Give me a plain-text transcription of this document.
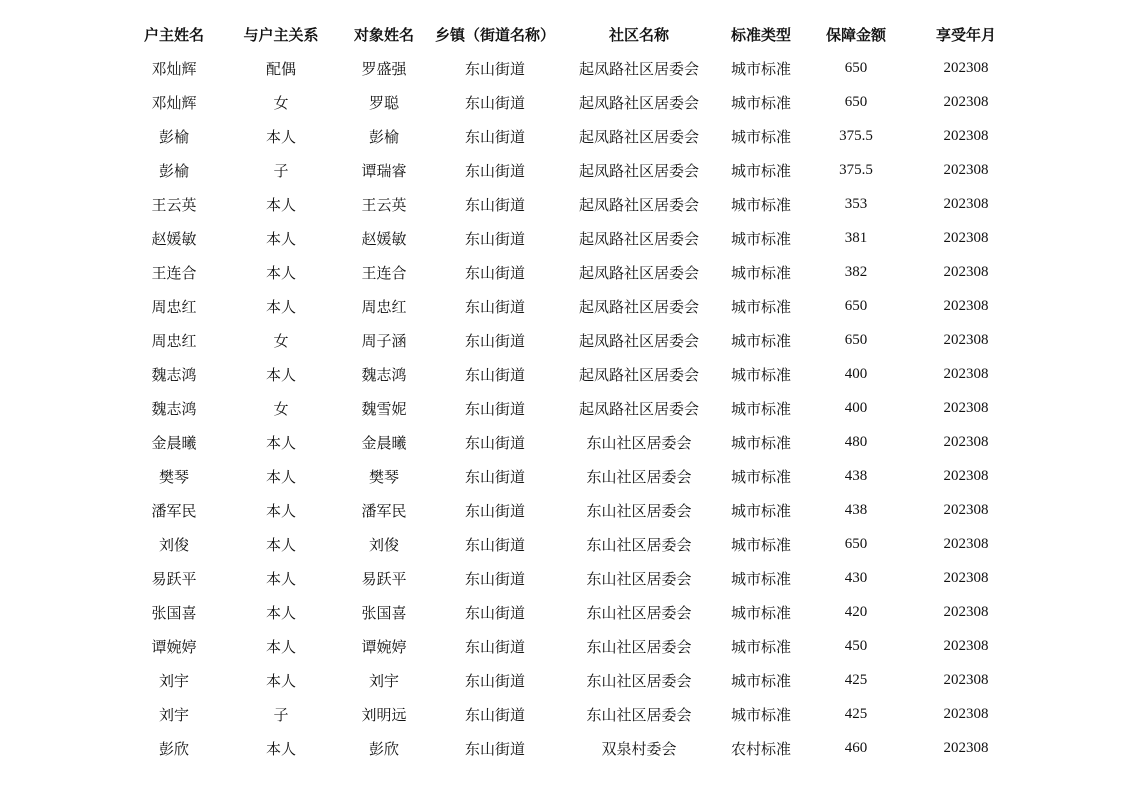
户主姓名	与户主关系	对象姓名	乡镇（街道名称）	社区名称	标准类型	保障金额	享受年月
邓灿辉	配偶	罗盛强	东山街道	起凤路社区居委会	城市标准	650	202308
邓灿辉	女	罗聪	东山街道	起凤路社区居委会	城市标准	650	202308
彭榆	本人	彭榆	东山街道	起凤路社区居委会	城市标准	375.5	202308
彭榆	子	谭瑞睿	东山街道	起凤路社区居委会	城市标准	375.5	202308
王云英	本人	王云英	东山街道	起凤路社区居委会	城市标准	353	202308
赵媛敏	本人	赵媛敏	东山街道	起凤路社区居委会	城市标准	381	202308
王连合	本人	王连合	东山街道	起凤路社区居委会	城市标准	382	202308
周忠红	本人	周忠红	东山街道	起凤路社区居委会	城市标准	650	202308
周忠红	女	周子涵	东山街道	起凤路社区居委会	城市标准	650	202308
魏志鸿	本人	魏志鸿	东山街道	起凤路社区居委会	城市标准	400	202308
魏志鸿	女	魏雪妮	东山街道	起凤路社区居委会	城市标准	400	202308
金晨曦	本人	金晨曦	东山街道	东山社区居委会	城市标准	480	202308
樊琴	本人	樊琴	东山街道	东山社区居委会	城市标准	438	202308
潘军民	本人	潘军民	东山街道	东山社区居委会	城市标准	438	202308
刘俊	本人	刘俊	东山街道	东山社区居委会	城市标准	650	202308
易跃平	本人	易跃平	东山街道	东山社区居委会	城市标准	430	202308
张国喜	本人	张国喜	东山街道	东山社区居委会	城市标准	420	202308
谭婉婷	本人	谭婉婷	东山街道	东山社区居委会	城市标准	450	202308
刘宇	本人	刘宇	东山街道	东山社区居委会	城市标准	425	202308
刘宇	子	刘明远	东山街道	东山社区居委会	城市标准	425	202308
彭欣	本人	彭欣	东山街道	双泉村委会	农村标准	460	202308
